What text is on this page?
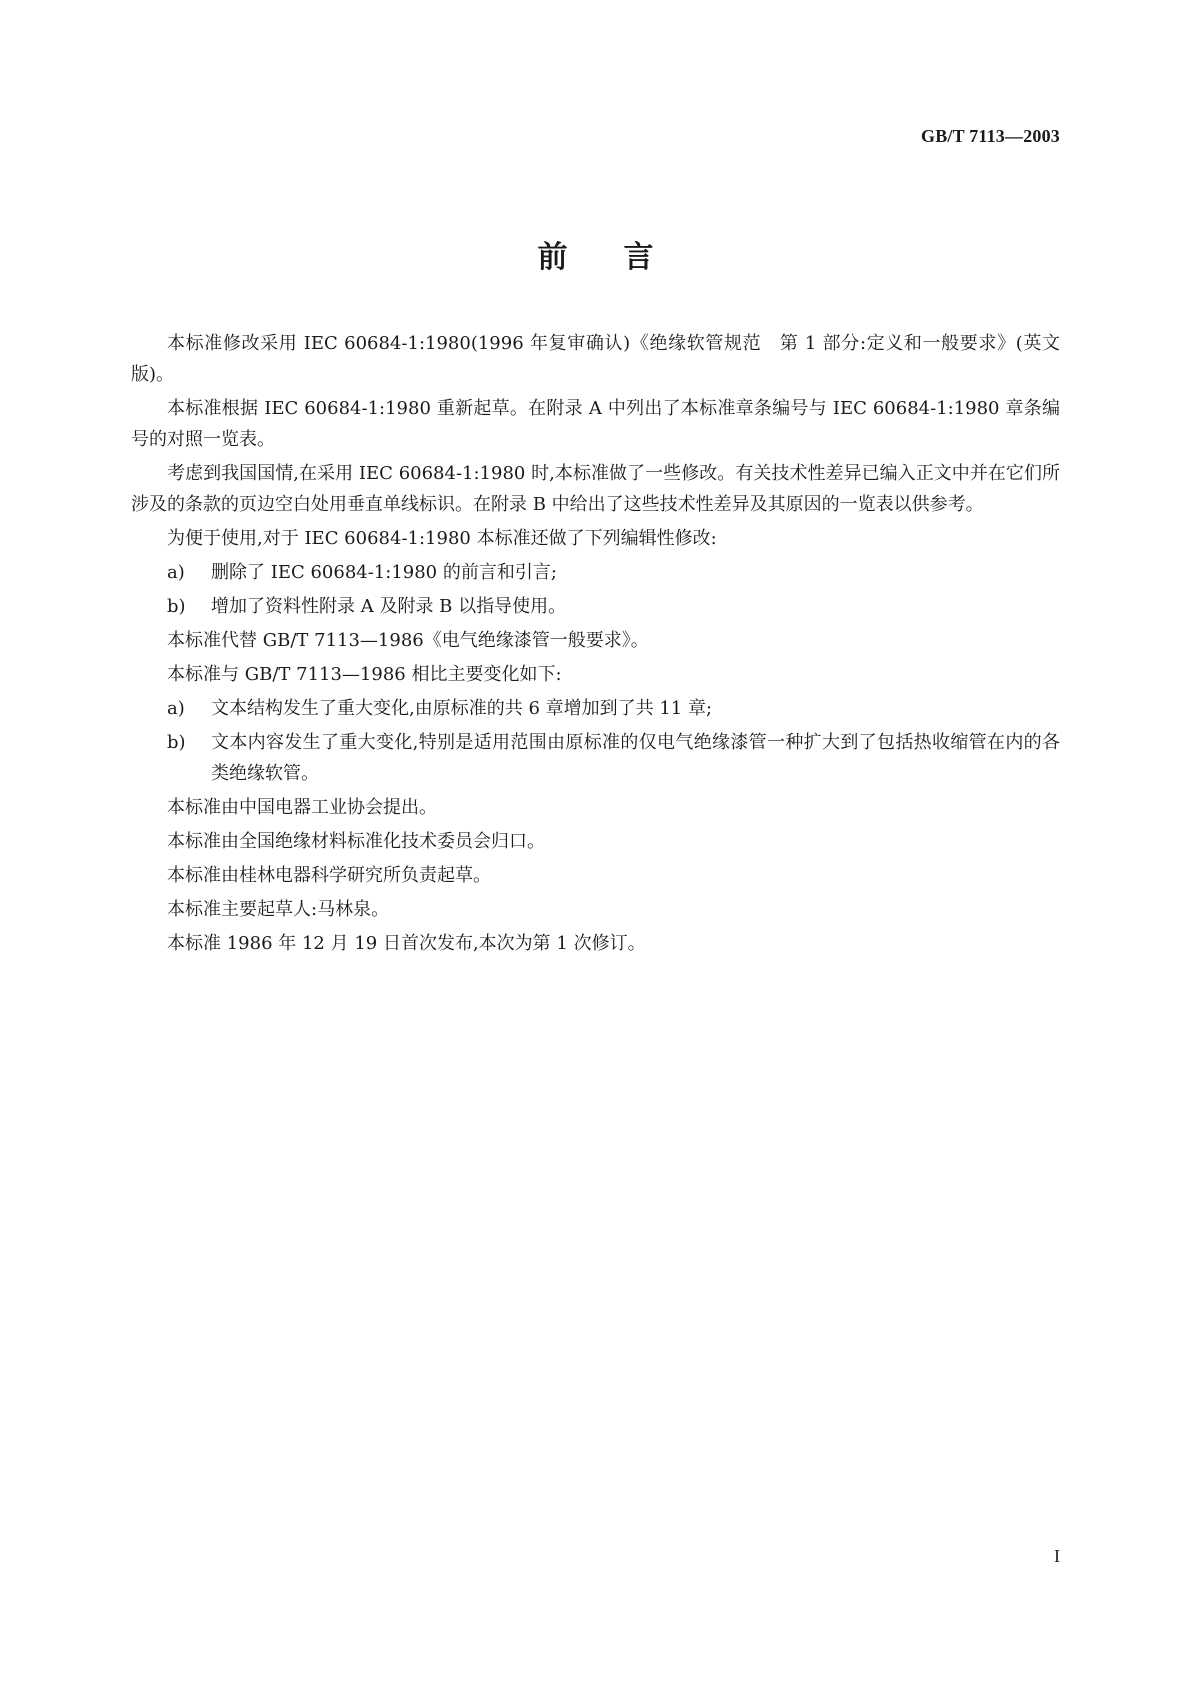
GB/T 7113—2003
前言

本标准修改采用 IEC 60684-1:1980(1996 年复审确认)《绝缘软管规范　第 1 部分:定义和一般要求》(英文版)。

本标准根据 IEC 60684-1:1980 重新起草。在附录 A 中列出了本标准章条编号与 IEC 60684-1:1980 章条编号的对照一览表。

考虑到我国国情,在采用 IEC 60684-1:1980 时,本标准做了一些修改。有关技术性差异已编入正文中并在它们所涉及的条款的页边空白处用垂直单线标识。在附录 B 中给出了这些技术性差异及其原因的一览表以供参考。

为便于使用,对于 IEC 60684-1:1980 本标准还做了下列编辑性修改:

a)	删除了 IEC 60684-1:1980 的前言和引言;
b)	增加了资料性附录 A 及附录 B 以指导使用。

本标准代替 GB/T 7113—1986《电气绝缘漆管一般要求》。

本标准与 GB/T 7113—1986 相比主要变化如下:

a)	文本结构发生了重大变化,由原标准的共 6 章增加到了共 11 章;
b)	文本内容发生了重大变化,特别是适用范围由原标准的仅电气绝缘漆管一种扩大到了包括热收缩管在内的各类绝缘软管。

本标准由中国电器工业协会提出。

本标准由全国绝缘材料标准化技术委员会归口。

本标准由桂林电器科学研究所负责起草。

本标准主要起草人:马林泉。

本标准 1986 年 12 月 19 日首次发布,本次为第 1 次修订。

I
